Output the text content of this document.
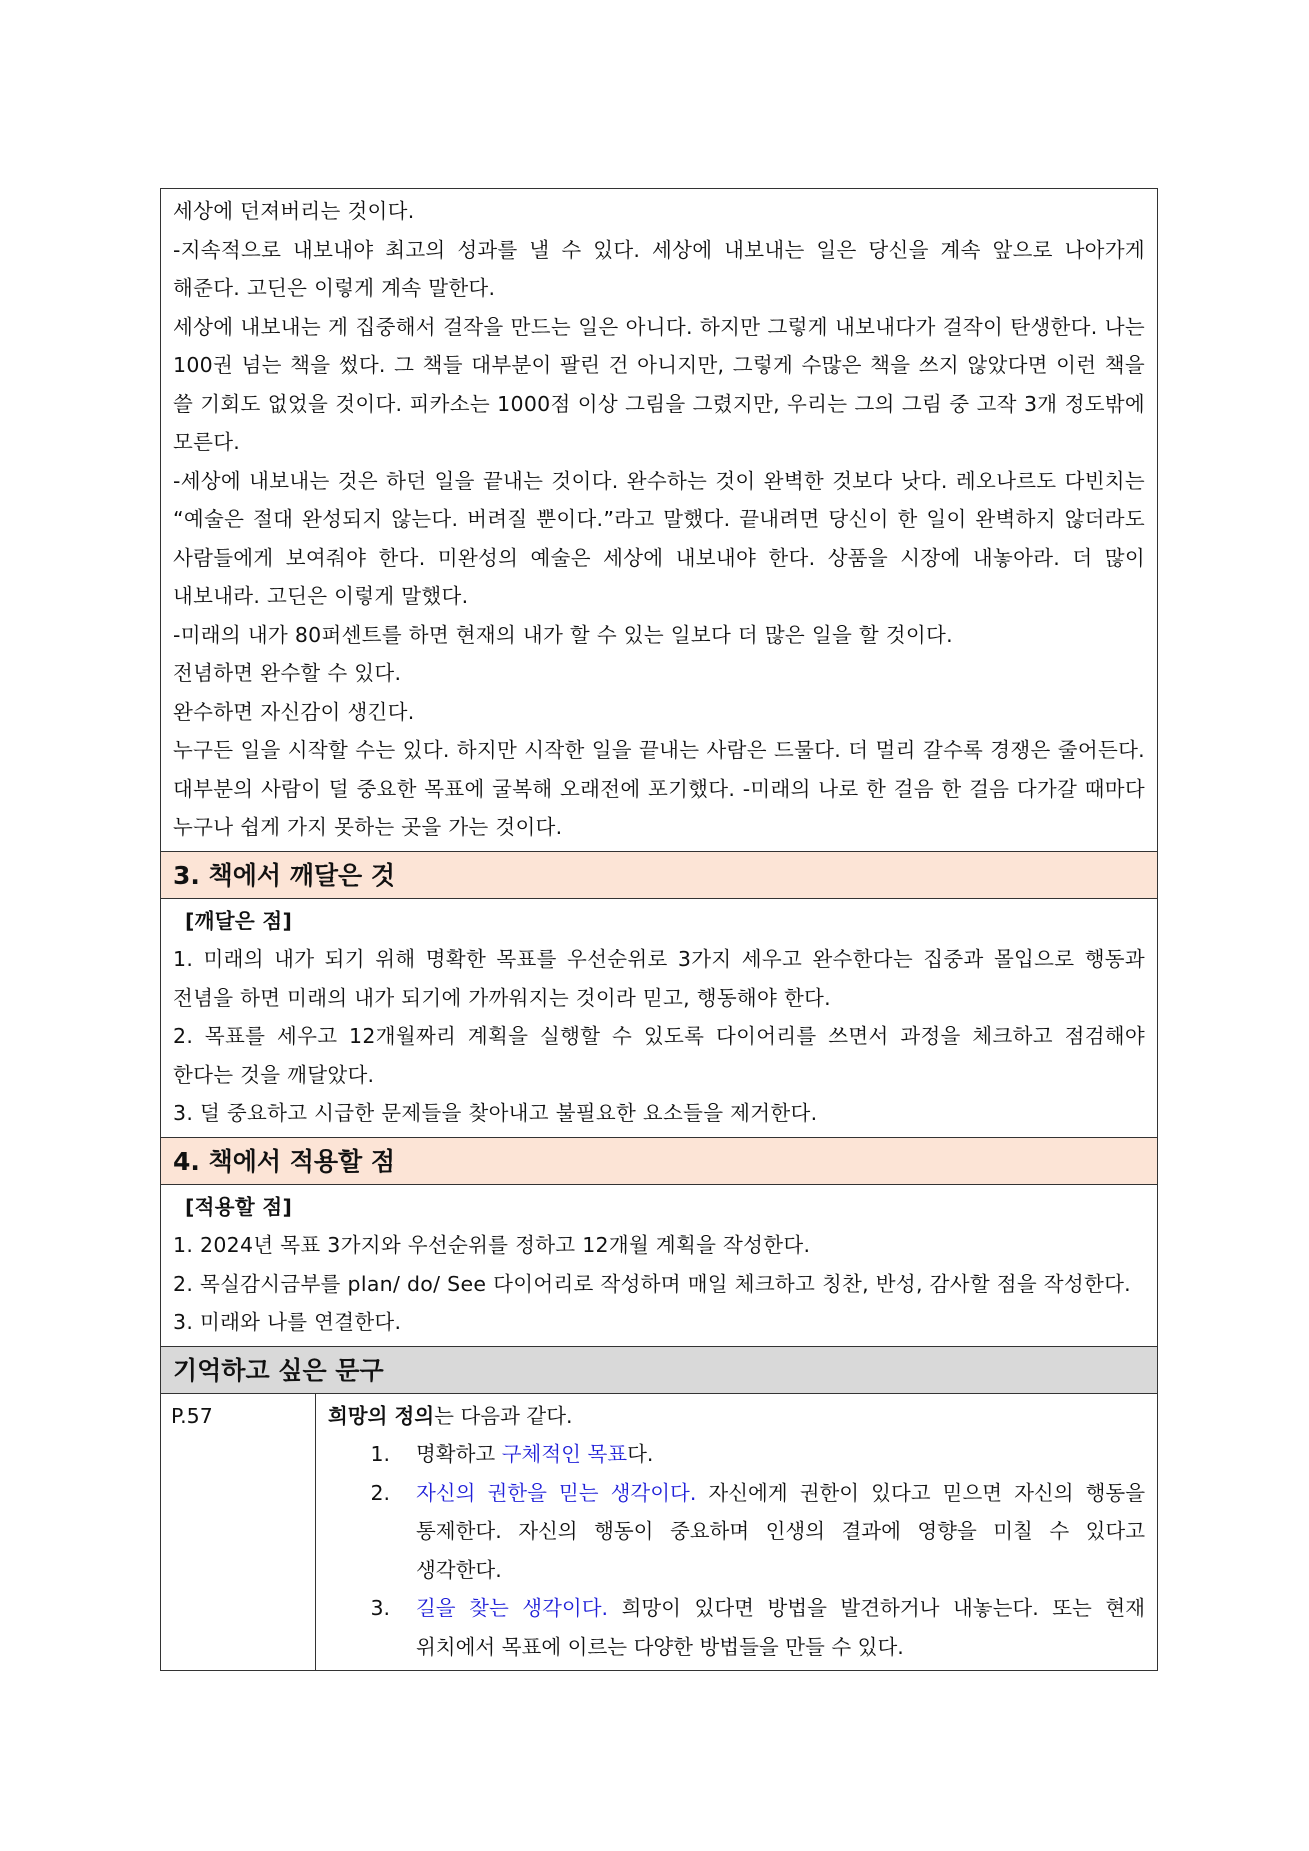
세상에 던져버리는 것이다.

-지속적으로 내보내야 최고의 성과를 낼 수 있다. 세상에 내보내는 일은 당신을 계속 앞으로 나아가게 해준다. 고딘은 이렇게 계속 말한다.

세상에 내보내는 게 집중해서 걸작을 만드는 일은 아니다. 하지만 그렇게 내보내다가 걸작이 탄생한다. 나는 100권 넘는 책을 썼다. 그 책들 대부분이 팔린 건 아니지만, 그렇게 수많은 책을 쓰지 않았다면 이런 책을 쓸 기회도 없었을 것이다. 피카소는 1000점 이상 그림을 그렸지만, 우리는 그의 그림 중 고작 3개 정도밖에 모른다.

-세상에 내보내는 것은 하던 일을 끝내는 것이다. 완수하는 것이 완벽한 것보다 낫다. 레오나르도 다빈치는 “예술은 절대 완성되지 않는다. 버려질 뿐이다.”라고 말했다. 끝내려면 당신이 한 일이 완벽하지 않더라도 사람들에게 보여줘야 한다. 미완성의 예술은 세상에 내보내야 한다. 상품을 시장에 내놓아라. 더 많이 내보내라. 고딘은 이렇게 말했다.

-미래의 내가 80퍼센트를 하면 현재의 내가 할 수 있는 일보다 더 많은 일을 할 것이다.

전념하면 완수할 수 있다.

완수하면 자신감이 생긴다.

누구든 일을 시작할 수는 있다. 하지만 시작한 일을 끝내는 사람은 드물다. 더 멀리 갈수록 경쟁은 줄어든다. 대부분의 사람이 덜 중요한 목표에 굴복해 오래전에 포기했다. -미래의 나로 한 걸음 한 걸음 다가갈 때마다 누구나 쉽게 가지 못하는 곳을 가는 것이다.

3. 책에서 깨달은 것

[깨달은 점]

1. 미래의 내가 되기 위해 명확한 목표를 우선순위로 3가지 세우고 완수한다는 집중과 몰입으로 행동과 전념을 하면 미래의 내가 되기에 가까워지는 것이라 믿고, 행동해야 한다.

2. 목표를 세우고 12개월짜리 계획을 실행할 수 있도록 다이어리를 쓰면서 과정을 체크하고 점검해야 한다는 것을 깨달았다.

3. 덜 중요하고 시급한 문제들을 찾아내고 불필요한 요소들을 제거한다.

4. 책에서 적용할 점

[적용할 점]

1. 2024년 목표 3가지와 우선순위를 정하고 12개월 계획을 작성한다.

2. 목실감시금부를 plan/ do/ See 다이어리로 작성하며 매일 체크하고 칭찬, 반성, 감사할 점을 작성한다.

3. 미래와 나를 연결한다.

기억하고 싶은 문구
P.57	희망의 정의는 다음과 같다.

1.	명확하고 구체적인 목표다.
2.	자신의 권한을 믿는 생각이다. 자신에게 권한이 있다고 믿으면 자신의 행동을 통제한다. 자신의 행동이 중요하며 인생의 결과에 영향을 미칠 수 있다고 생각한다.
3.	길을 찾는 생각이다. 희망이 있다면 방법을 발견하거나 내놓는다. 또는 현재 위치에서 목표에 이르는 다양한 방법들을 만들 수 있다.
